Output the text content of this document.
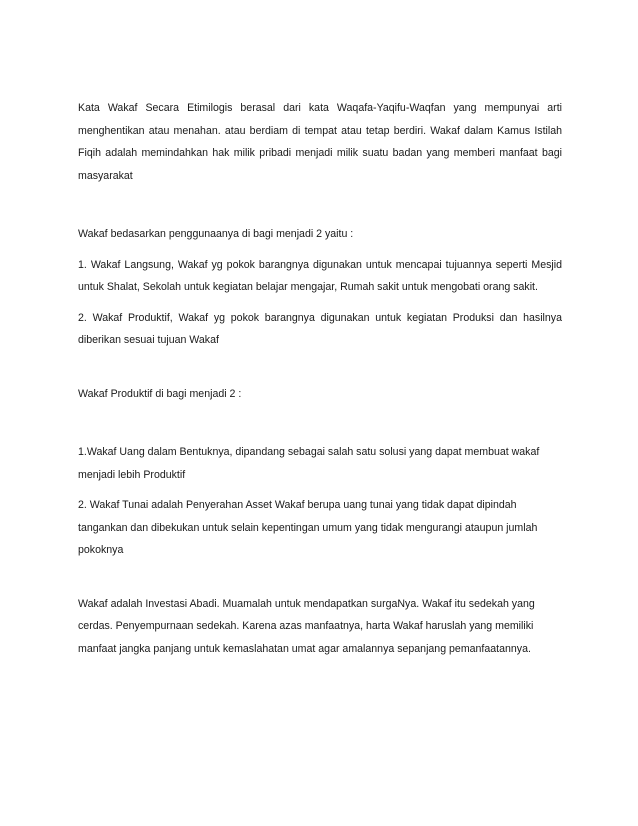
Kata Wakaf Secara Etimilogis berasal dari kata Waqafa-Yaqifu-Waqfan yang mempunyai arti menghentikan atau menahan. atau berdiam di tempat atau tetap berdiri. Wakaf dalam Kamus Istilah Fiqih adalah memindahkan hak milik pribadi menjadi milik suatu badan yang memberi manfaat bagi masyarakat

Wakaf bedasarkan penggunaanya di bagi menjadi 2 yaitu :

1. Wakaf Langsung, Wakaf yg pokok barangnya digunakan untuk mencapai tujuannya seperti Mesjid untuk Shalat, Sekolah untuk kegiatan belajar mengajar, Rumah sakit untuk mengobati orang sakit.

2. Wakaf Produktif, Wakaf yg pokok barangnya digunakan untuk kegiatan Produksi dan hasilnya diberikan sesuai tujuan Wakaf

Wakaf Produktif di bagi menjadi 2 :

1.Wakaf Uang dalam Bentuknya, dipandang sebagai salah satu solusi yang dapat membuat wakaf menjadi lebih Produktif

2. Wakaf Tunai adalah Penyerahan Asset Wakaf berupa uang tunai yang tidak dapat dipindah tangankan dan dibekukan untuk selain kepentingan umum yang tidak mengurangi ataupun jumlah pokoknya

Wakaf adalah Investasi Abadi. Muamalah untuk mendapatkan surgaNya. Wakaf itu sedekah yang cerdas. Penyempurnaan sedekah. Karena azas manfaatnya, harta Wakaf haruslah yang memiliki manfaat jangka panjang untuk kemaslahatan umat agar amalannya sepanjang pemanfaatannya.
